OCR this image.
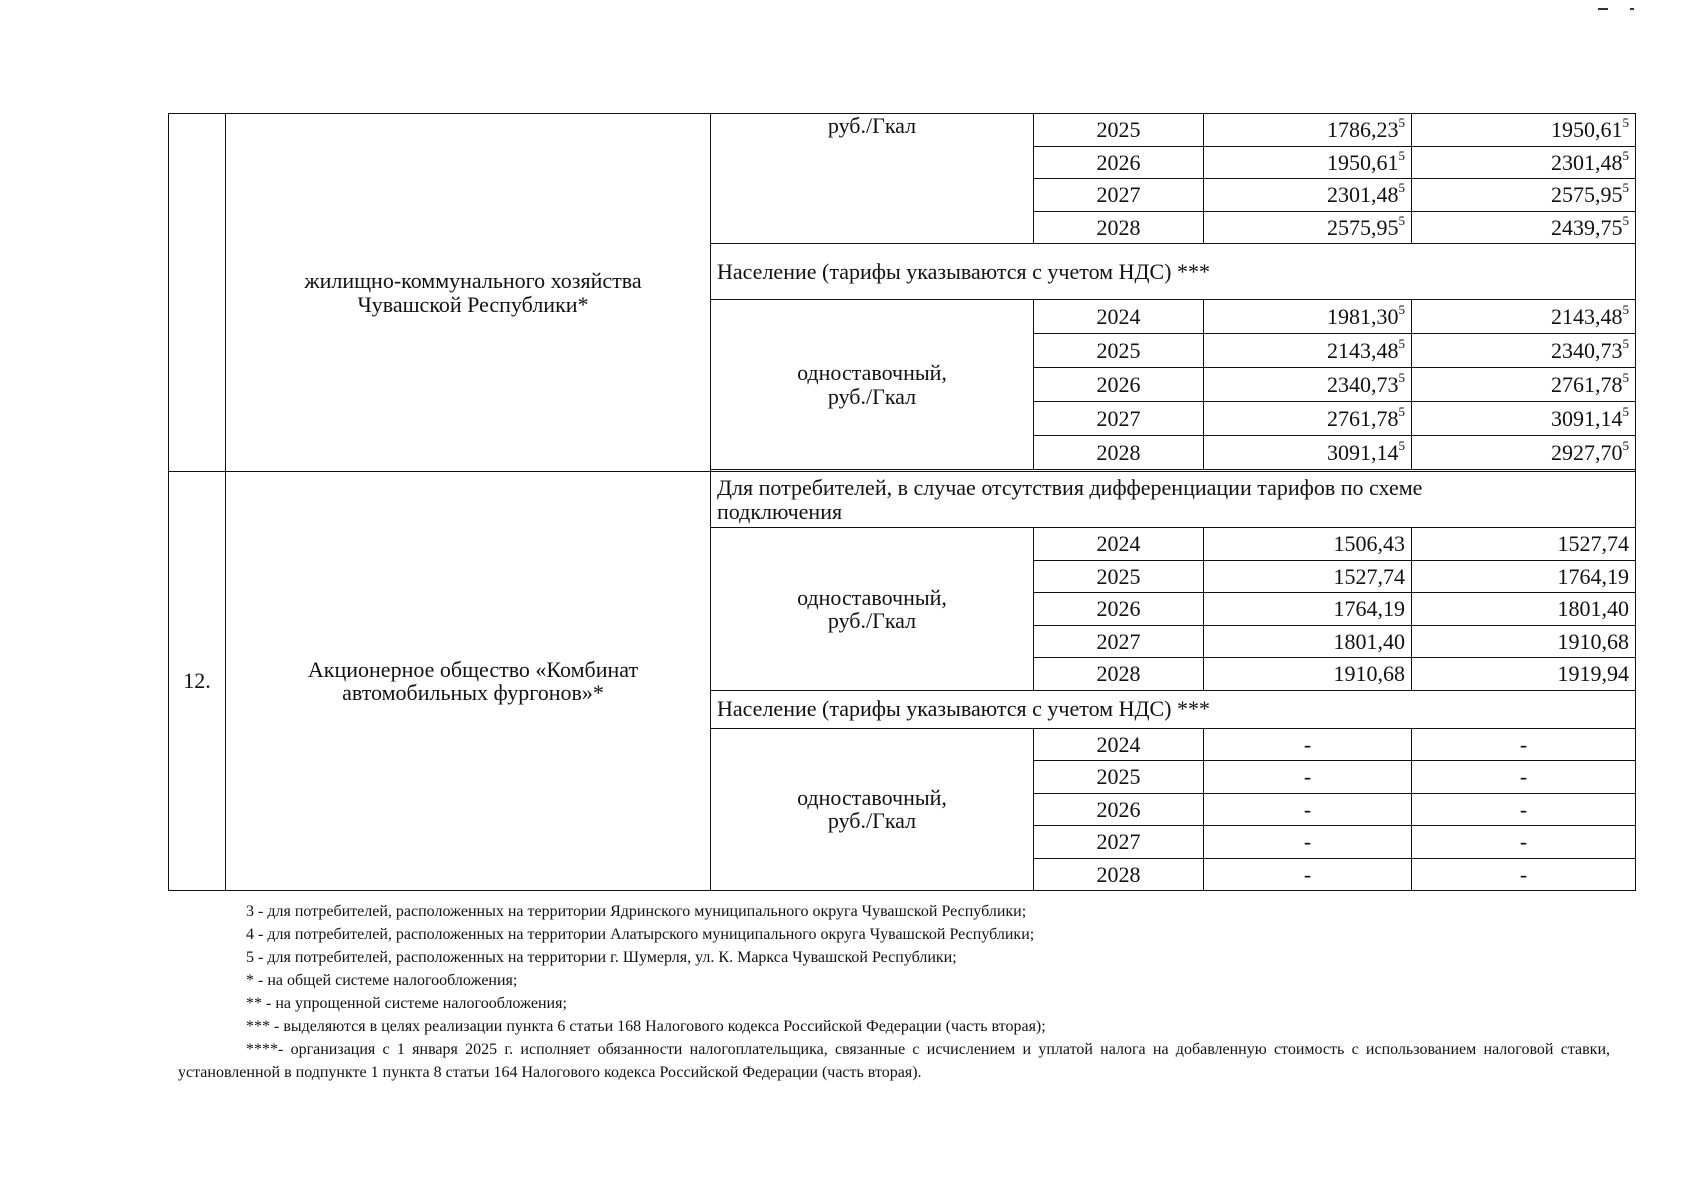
	жилищно-коммунального хозяйства Чувашской Республики*	руб./Гкал	2025	1786,23$^5$	1950,61$^5$
			2026	1950,61$^5$	2301,48$^5$
			2027	2301,48$^5$	2575,95$^5$
			2028	2575,95$^5$	2439,75$^5$
		Население (тарифы указываются с учетом НДС) ***			
		одноставочный, руб./Гкал	2024	1981,30$^5$	2143,48$^5$
			2025	2143,48$^5$	2340,73$^5$
			2026	2340,73$^5$	2761,78$^5$
			2027	2761,78$^5$	3091,14$^5$
			2028	3091,14$^5$	2927,70$^5$

12.	Акционерное общество «Комбинат автомобильных фургонов»*	Для потребителей, в случае отсутствия дифференциации тарифов по схеме подключения			
		одноставочный, руб./Гкал	2024	1506,43	1527,74
			2025	1527,74	1764,19
			2026	1764,19	1801,40
			2027	1801,40	1910,68
			2028	1910,68	1919,94
		Население (тарифы указываются с учетом НДС) ***			
		одноставочный, руб./Гкал	2024	-	-
			2025	-	-
			2026	-	-
			2027	-	-
			2028	-	-
3 - для потребителей, расположенных на территории Ядринского муниципального округа Чувашской Республики;
4 - для потребителей, расположенных на территории Алатырского муниципального округа Чувашской Республики;
5 - для потребителей, расположенных на территории г. Шумерля, ул. К. Маркса Чувашской Республики;
* - на общей системе налогообложения;
** - на упрощенной системе налогообложения;
*** - выделяются в целях реализации пункта 6 статьи 168 Налогового кодекса Российской Федерации (часть вторая);
****- организация с 1 января 2025 г. исполняет обязанности налогоплательщика, связанные с исчислением и уплатой налога на добавленную стоимость с использованием налоговой ставки, установленной в подпункте 1 пункта 8 статьи 164 Налогового кодекса Российской Федерации (часть вторая).
